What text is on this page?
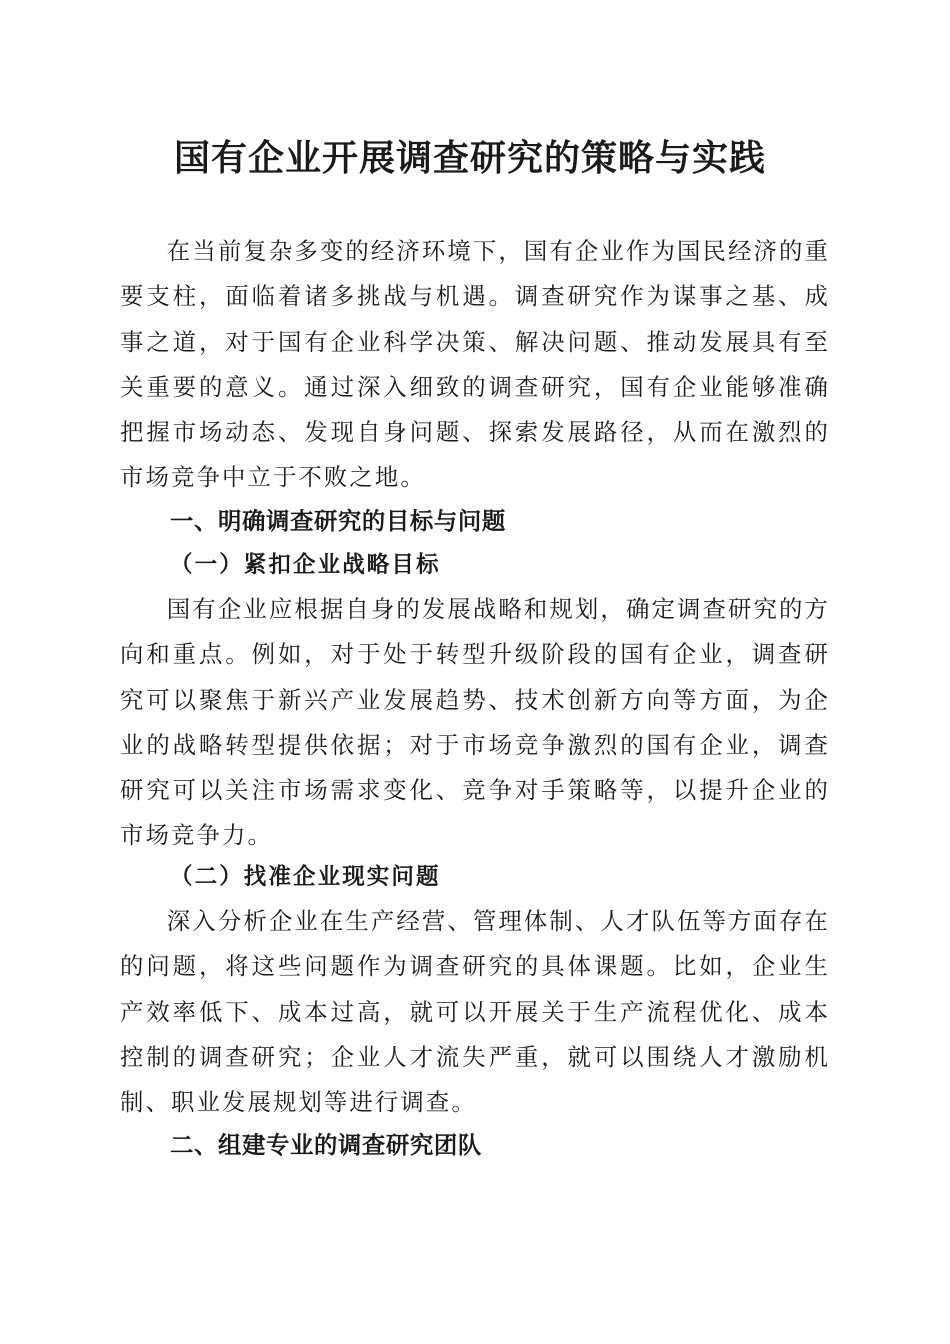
国有企业开展调查研究的策略与实践

在当前复杂多变的经济环境下，国有企业作为国民经济的重要支柱，面临着诸多挑战与机遇。调查研究作为谋事之基、成事之道，对于国有企业科学决策、解决问题、推动发展具有至关重要的意义。通过深入细致的调查研究，国有企业能够准确把握市场动态、发现自身问题、探索发展路径，从而在激烈的市场竞争中立于不败之地。

一、明确调查研究的目标与问题
（一）紧扣企业战略目标

国有企业应根据自身的发展战略和规划，确定调查研究的方向和重点。例如，对于处于转型升级阶段的国有企业，调查研究可以聚焦于新兴产业发展趋势、技术创新方向等方面，为企业的战略转型提供依据；对于市场竞争激烈的国有企业，调查研究可以关注市场需求变化、竞争对手策略等，以提升企业的市场竞争力。

（二）找准企业现实问题

深入分析企业在生产经营、管理体制、人才队伍等方面存在的问题，将这些问题作为调查研究的具体课题。比如，企业生产效率低下、成本过高，就可以开展关于生产流程优化、成本控制的调查研究；企业人才流失严重，就可以围绕人才激励机制、职业发展规划等进行调查。

二、组建专业的调查研究团队
